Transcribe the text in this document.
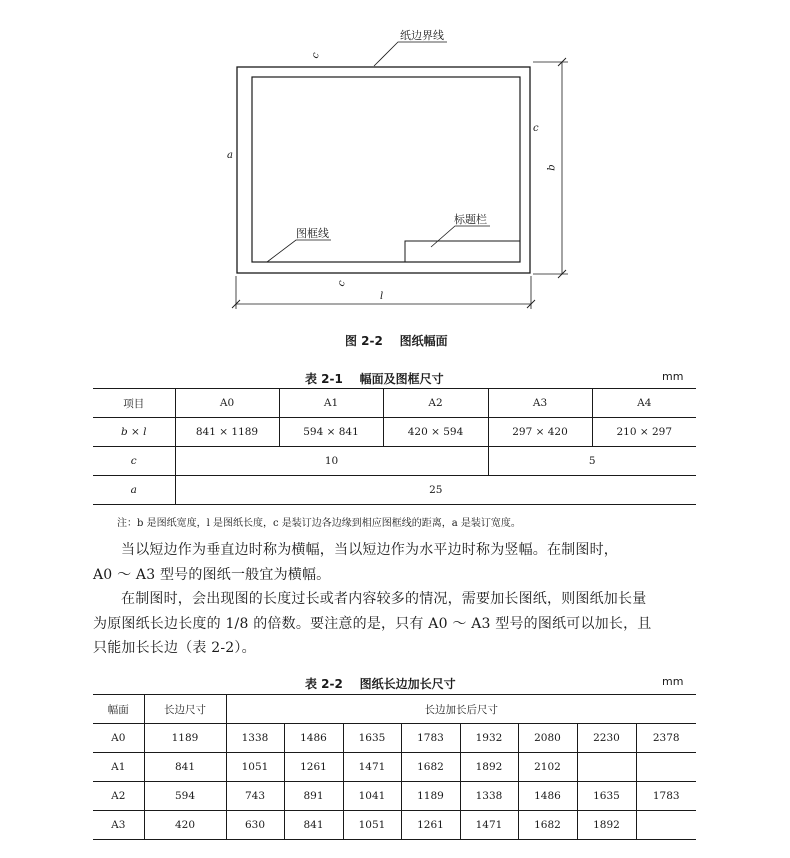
纸边界线
图框线
标题栏
c
c
c
a
b
l
图 2-2    图纸幅面
表 2-1    幅面及图框尺寸	mm
项目	A0	A1	A2	A3	A4
b × l	841 × 1189	594 × 841	420 × 594	297 × 420	210 × 297
c	10			5	
a	25				
注：b 是图纸宽度，l 是图纸长度，c 是装订边各边缘到相应图框线的距离，a 是装订宽度。

当以短边作为垂直边时称为横幅，当以短边作为水平边时称为竖幅。在制图时，

A0 ～ A3 型号的图纸一般宜为横幅。

在制图时，会出现图的长度过长或者内容较多的情况，需要加长图纸，则图纸加长量

为原图纸长边长度的 1/8 的倍数。要注意的是，只有 A0 ～ A3 型号的图纸可以加长，且

只能加长长边（表 2-2）。

表 2-2    图纸长边加长尺寸	mm
幅面	长边尺寸	长边加长后尺寸							
A0	1189	1338	1486	1635	1783	1932	2080	2230	2378
A1	841	1051	1261	1471	1682	1892	2102		
A2	594	743	891	1041	1189	1338	1486	1635	1783
A3	420	630	841	1051	1261	1471	1682	1892	
